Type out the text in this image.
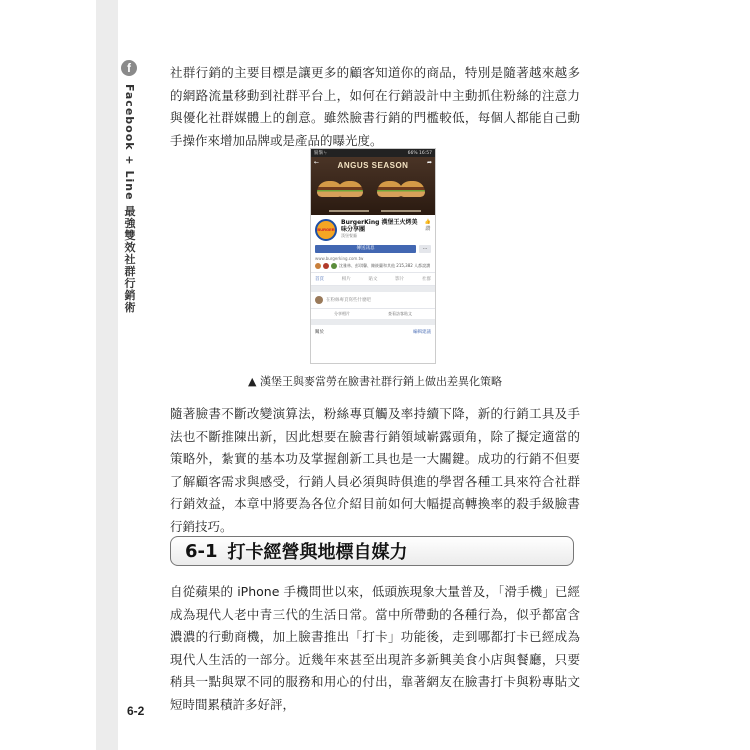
f
Facebook + Line 最強雙效社群行銷術

社群行銷的主要目標是讓更多的顧客知道你的商品，特別是隨著越來越多的網路流量移動到社群平台上，如何在行銷設計中主動抓住粉絲的注意力與優化社群媒體上的創意。雖然臉書行銷的門檻較低，每個人都能自己動手操作來增加品牌或是產品的曝光度。

鬍鬚ㄣ	66% 16:57
←	➦
ANGUS SEASON
BURGER
BurgerKing 漢堡王火烤美味分享團
漢堡餐廳
👍
讚
傳送訊息	···
www.burgerking.com.tw
沈雅林、彭琪馨、陳筱蘭和其他 215,382 人都說讚
首頁	相片	貼文	影片	社群
在粉絲專頁寫些什麼吧
分享相片	查看訪客貼文
關於	編輯建議
▲ 漢堡王與麥當勞在臉書社群行銷上做出差異化策略

隨著臉書不斷改變演算法，粉絲專頁觸及率持續下降，新的行銷工具及手法也不斷推陳出新，因此想要在臉書行銷領域嶄露頭角，除了擬定適當的策略外，紮實的基本功及掌握創新工具也是一大關鍵。成功的行銷不但要了解顧客需求與感受，行銷人員必須與時俱進的學習各種工具來符合社群行銷效益，本章中將要為各位介紹目前如何大幅提高轉換率的殺手級臉書行銷技巧。

6-1 打卡經營與地標自媒力

自從蘋果的 iPhone 手機問世以來，低頭族現象大量普及，「滑手機」已經成為現代人老中青三代的生活日常。當中所帶動的各種行為，似乎都富含濃濃的行動商機，加上臉書推出「打卡」功能後，走到哪都打卡已經成為現代人生活的一部分。近幾年來甚至出現許多新興美食小店與餐廳，只要稍具一點與眾不同的服務和用心的付出，靠著網友在臉書打卡與粉專貼文短時間累積許多好評，

6-2
